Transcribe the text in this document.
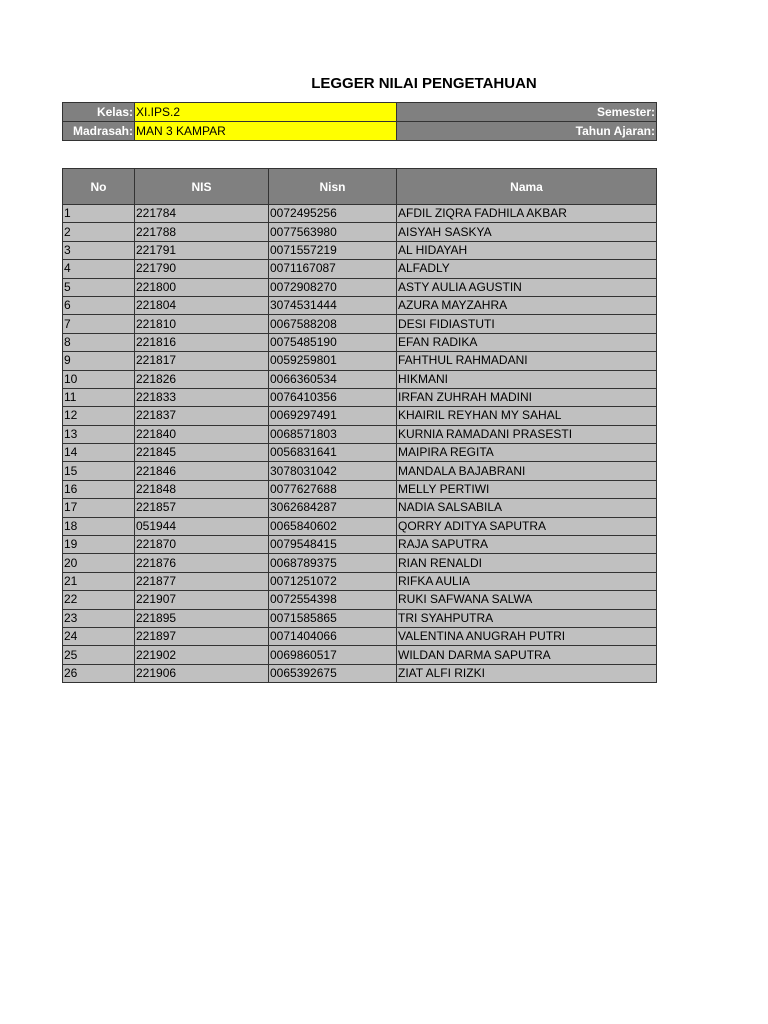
LEGGER NILAI PENGETAHUAN
Kelas:	XI.IPS.2	Semester:
Madrasah:	MAN 3 KAMPAR	Tahun Ajaran:
No	NIS	Nisn	Nama
1	221784	0072495256	AFDIL ZIQRA FADHILA AKBAR
2	221788	0077563980	AISYAH SASKYA
3	221791	0071557219	AL HIDAYAH
4	221790	0071167087	ALFADLY
5	221800	0072908270	ASTY AULIA AGUSTIN
6	221804	3074531444	AZURA MAYZAHRA
7	221810	0067588208	DESI FIDIASTUTI
8	221816	0075485190	EFAN RADIKA
9	221817	0059259801	FAHTHUL RAHMADANI
10	221826	0066360534	HIKMANI
11	221833	0076410356	IRFAN ZUHRAH MADINI
12	221837	0069297491	KHAIRIL REYHAN MY SAHAL
13	221840	0068571803	KURNIA RAMADANI PRASESTI
14	221845	0056831641	MAIPIRA REGITA
15	221846	3078031042	MANDALA BAJABRANI
16	221848	0077627688	MELLY PERTIWI
17	221857	3062684287	NADIA SALSABILA
18	051944	0065840602	QORRY ADITYA SAPUTRA
19	221870	0079548415	RAJA SAPUTRA
20	221876	0068789375	RIAN RENALDI
21	221877	0071251072	RIFKA AULIA
22	221907	0072554398	RUKI SAFWANA SALWA
23	221895	0071585865	TRI SYAHPUTRA
24	221897	0071404066	VALENTINA ANUGRAH PUTRI
25	221902	0069860517	WILDAN DARMA SAPUTRA
26	221906	0065392675	ZIAT ALFI RIZKI
